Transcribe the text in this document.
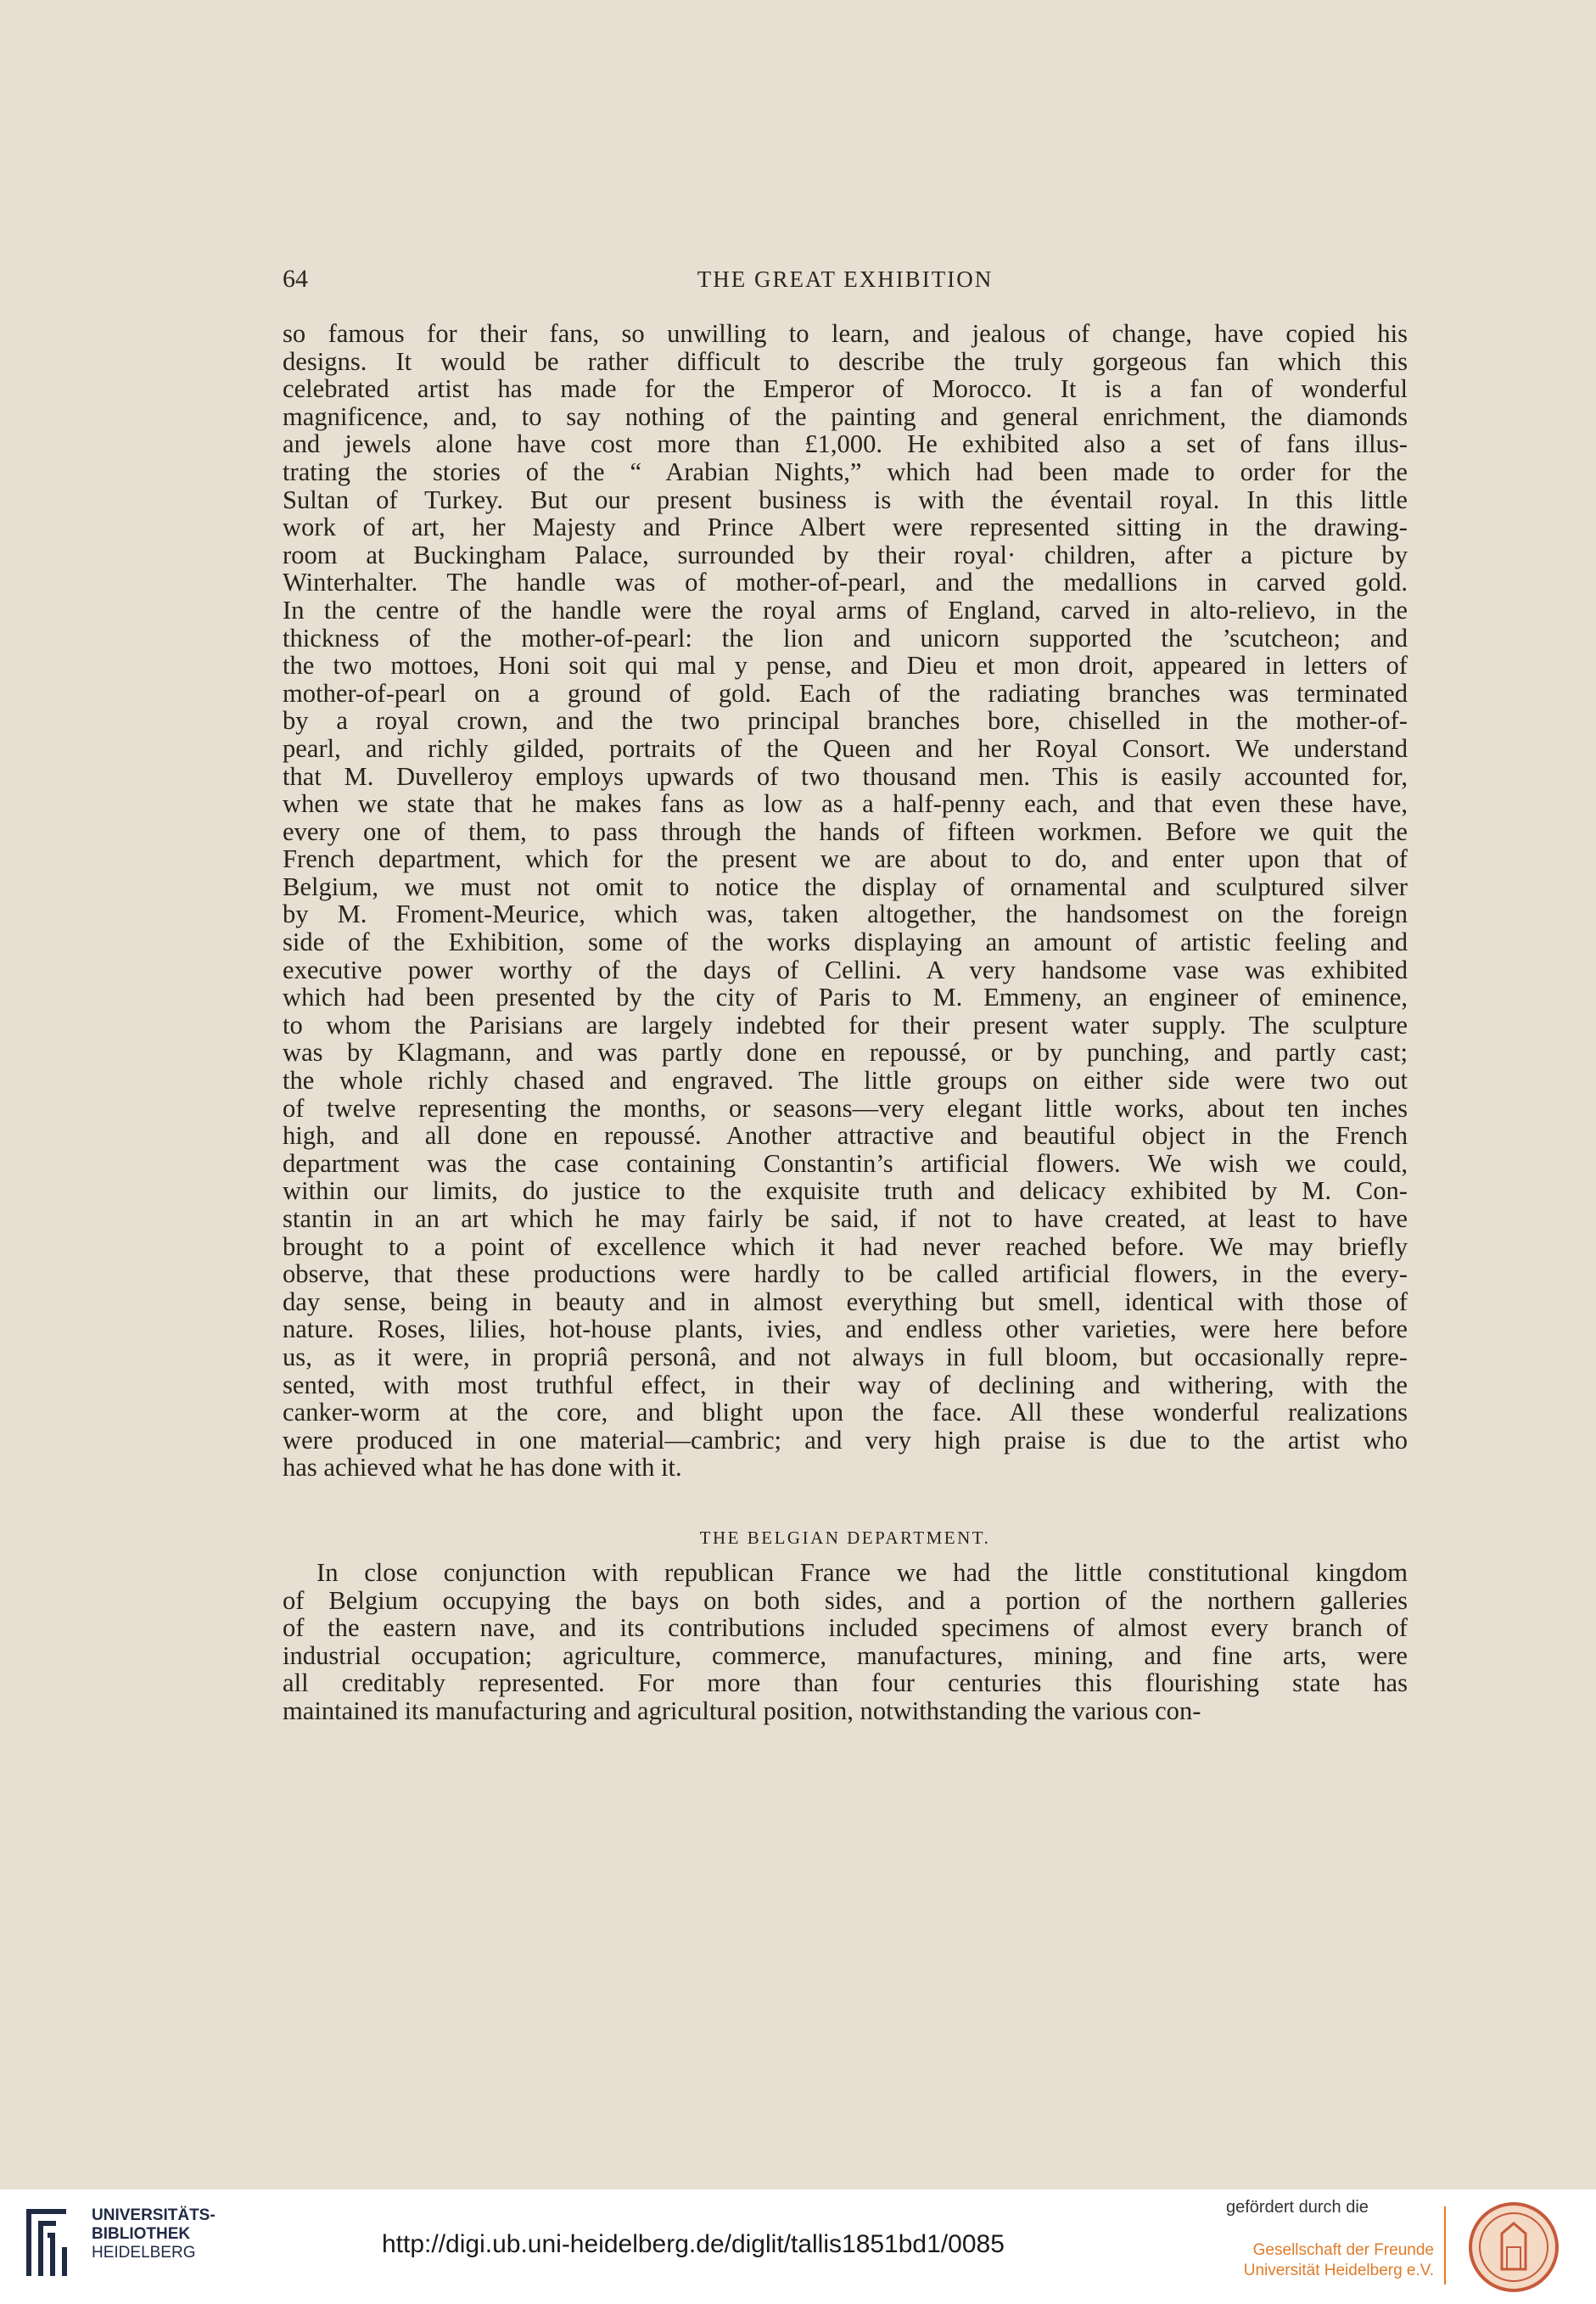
64	THE GREAT EXHIBITION
so famous for their fans, so unwilling to learn, and jealous of change, have copied his
designs. It would be rather difficult to describe the truly gorgeous fan which this
celebrated artist has made for the Emperor of Morocco. It is a fan of wonderful
magnificence, and, to say nothing of the painting and general enrichment, the diamonds
and jewels alone have cost more than £1,000. He exhibited also a set of fans illus-
trating the stories of the “ Arabian Nights,” which had been made to order for the
Sultan of Turkey. But our present business is with the éventail royal. In this little
work of art, her Majesty and Prince Albert were represented sitting in the drawing-
room at Buckingham Palace, surrounded by their royal· children, after a picture by
Winterhalter. The handle was of mother-of-pearl, and the medallions in carved gold.
In the centre of the handle were the royal arms of England, carved in alto-relievo, in the
thickness of the mother-of-pearl: the lion and unicorn supported the ’scutcheon; and
the two mottoes, Honi soit qui mal y pense, and Dieu et mon droit, appeared in letters of
mother-of-pearl on a ground of gold. Each of the radiating branches was terminated
by a royal crown, and the two principal branches bore, chiselled in the mother-of-
pearl, and richly gilded, portraits of the Queen and her Royal Consort. We understand
that M. Duvelleroy employs upwards of two thousand men. This is easily accounted for,
when we state that he makes fans as low as a half-penny each, and that even these have,
every one of them, to pass through the hands of fifteen workmen. Before we quit the
French department, which for the present we are about to do, and enter upon that of
Belgium, we must not omit to notice the display of ornamental and sculptured silver
by M. Froment-Meurice, which was, taken altogether, the handsomest on the foreign
side of the Exhibition, some of the works displaying an amount of artistic feeling and
executive power worthy of the days of Cellini. A very handsome vase was exhibited
which had been presented by the city of Paris to M. Emmeny, an engineer of eminence,
to whom the Parisians are largely indebted for their present water supply. The sculpture
was by Klagmann, and was partly done en repoussé, or by punching, and partly cast;
the whole richly chased and engraved. The little groups on either side were two out
of twelve representing the months, or seasons—very elegant little works, about ten inches
high, and all done en repoussé. Another attractive and beautiful object in the French
department was the case containing Constantin’s artificial flowers. We wish we could,
within our limits, do justice to the exquisite truth and delicacy exhibited by M. Con-
stantin in an art which he may fairly be said, if not to have created, at least to have
brought to a point of excellence which it had never reached before. We may briefly
observe, that these productions were hardly to be called artificial flowers, in the every-
day sense, being in beauty and in almost everything but smell, identical with those of
nature. Roses, lilies, hot-house plants, ivies, and endless other varieties, were here before
us, as it were, in propriâ personâ, and not always in full bloom, but occasionally repre-
sented, with most truthful effect, in their way of declining and withering, with the
canker-worm at the core, and blight upon the face. All these wonderful realizations
were produced in one material—cambric; and very high praise is due to the artist who
has achieved what he has done with it.
THE BELGIAN DEPARTMENT.
In close conjunction with republican France we had the little constitutional kingdom
of Belgium occupying the bays on both sides, and a portion of the northern galleries
of the eastern nave, and its contributions included specimens of almost every branch of
industrial occupation; agriculture, commerce, manufactures, mining, and fine arts, were
all creditably represented. For more than four centuries this flourishing state has
maintained its manufacturing and agricultural position, notwithstanding the various con-
UNIVERSITÄTS-
BIBLIOTHEK
HEIDELBERG	http://digi.ub.uni-heidelberg.de/diglit/tallis1851bd1/0085
gefördert durch die
Gesellschaft der Freunde
Universität Heidelberg e.V.
